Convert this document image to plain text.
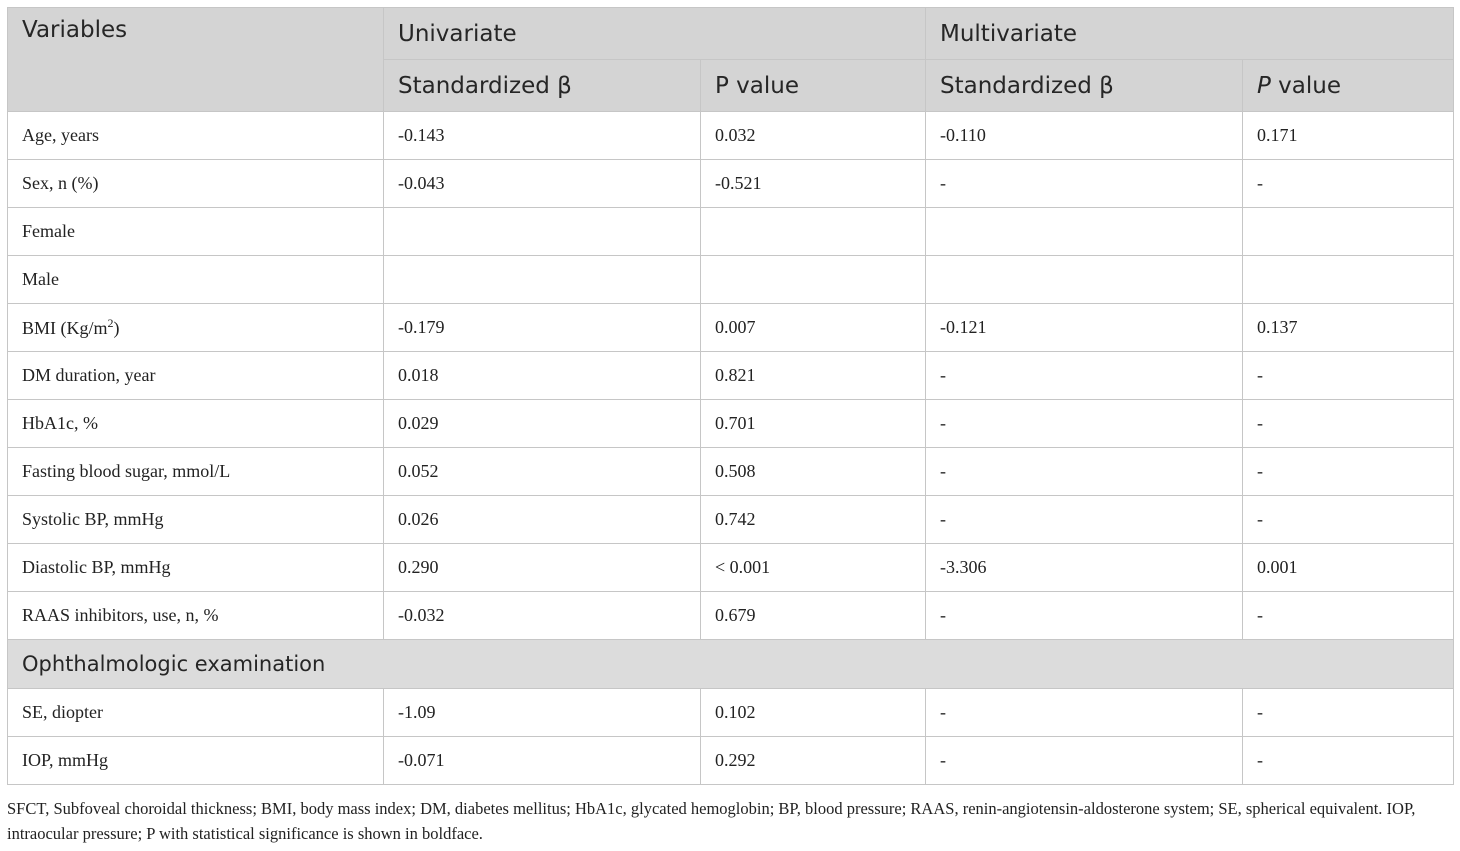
Variables	Univariate		Multivariate	
	Standardized β	P value	Standardized β	P value
Age, years	-0.143	0.032	-0.110	0.171
Sex, n (%)	-0.043	-0.521	-	-
Female				
Male				
BMI $(Kg/m^2)$	-0.179	0.007	-0.121	0.137
DM duration, year	0.018	0.821	-	-
HbA1c, %	0.029	0.701	-	-
Fasting blood sugar, mmol/L	0.052	0.508	-	-
Systolic BP, mmHg	0.026	0.742	-	-
Diastolic BP, mmHg	0.290	< 0.001	-3.306	0.001
RAAS inhibitors, use, n, %	-0.032	0.679	-	-
Ophthalmologic examination				
SE, diopter	-1.09	0.102	-	-
IOP, mmHg	-0.071	0.292	-	-

SFCT, Subfoveal choroidal thickness; BMI, body mass index; DM, diabetes mellitus; HbA1c, glycated hemoglobin; BP, blood pressure; RAAS, renin-angiotensin-aldosterone system; SE, spherical equivalent. IOP, intraocular pressure; P with statistical significance is shown in boldface.
